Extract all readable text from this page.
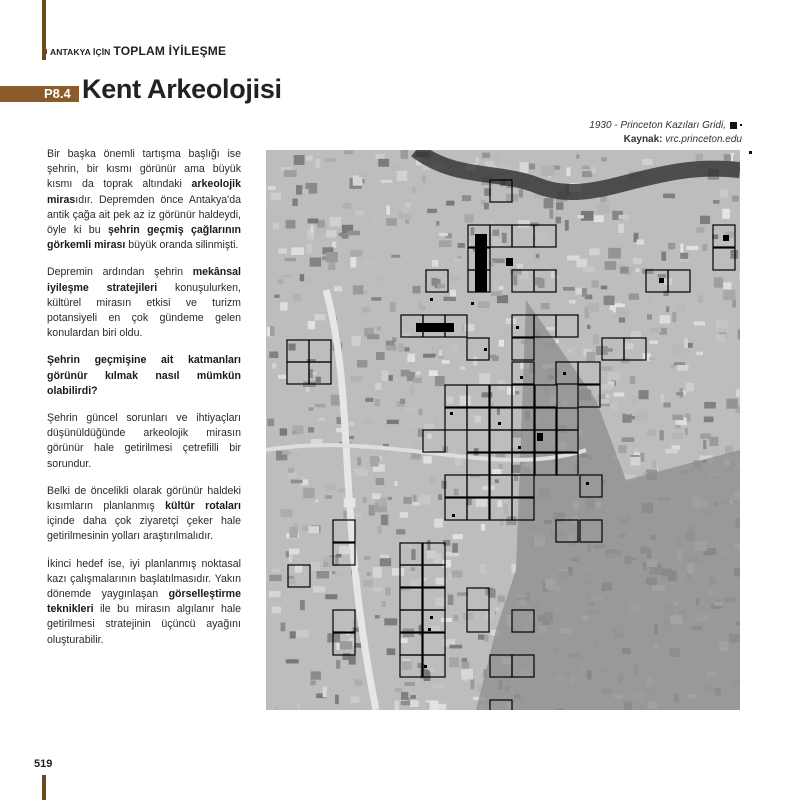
ANTAKYA İÇİN TOPLAM İYİLEŞME
P8.4 Kent Arkeolojisi
1930 - Princeton Kazıları Gridi,
Kaynak: vrc.princeton.edu

Bir başka önemli tartışma başlığı ise şehrin, bir kısmı görünür ama büyük kısmı da toprak altındaki arkeolojik mirasıdır. Depremden önce Antakya'da antik çağa ait pek az iz görünür haldeydi, öyle ki bu şehrin geçmiş çağlarının görkemli mirası büyük oranda silinmişti.

Depremin ardından şehrin mekânsal iyileşme stratejileri konuşulurken, kültürel mirasın etkisi ve turizm potansiyeli en çok gündeme gelen konulardan biri oldu.

Şehrin geçmişine ait katmanları görünür kılmak nasıl mümkün olabilirdi?

Şehrin güncel sorunları ve ihtiyaçları düşünüldüğünde arkeolojik mirasın görünür hale getirilmesi çetrefilli bir sorundur.

Belki de öncelikli olarak görünür haldeki kısımların planlanmış kültür rotaları içinde daha çok ziyaretçi çeker hale getirilmesinin yolları araştırılmalıdır.

İkinci hedef ise, iyi planlanmış noktasal kazı çalışmalarının başlatılmasıdır. Yakın dönemde yaygınlaşan görselleştirme teknikleri ile bu mirasın algılanır hale getirilmesi stratejinin üçüncü ayağını oluşturabilir.

519
